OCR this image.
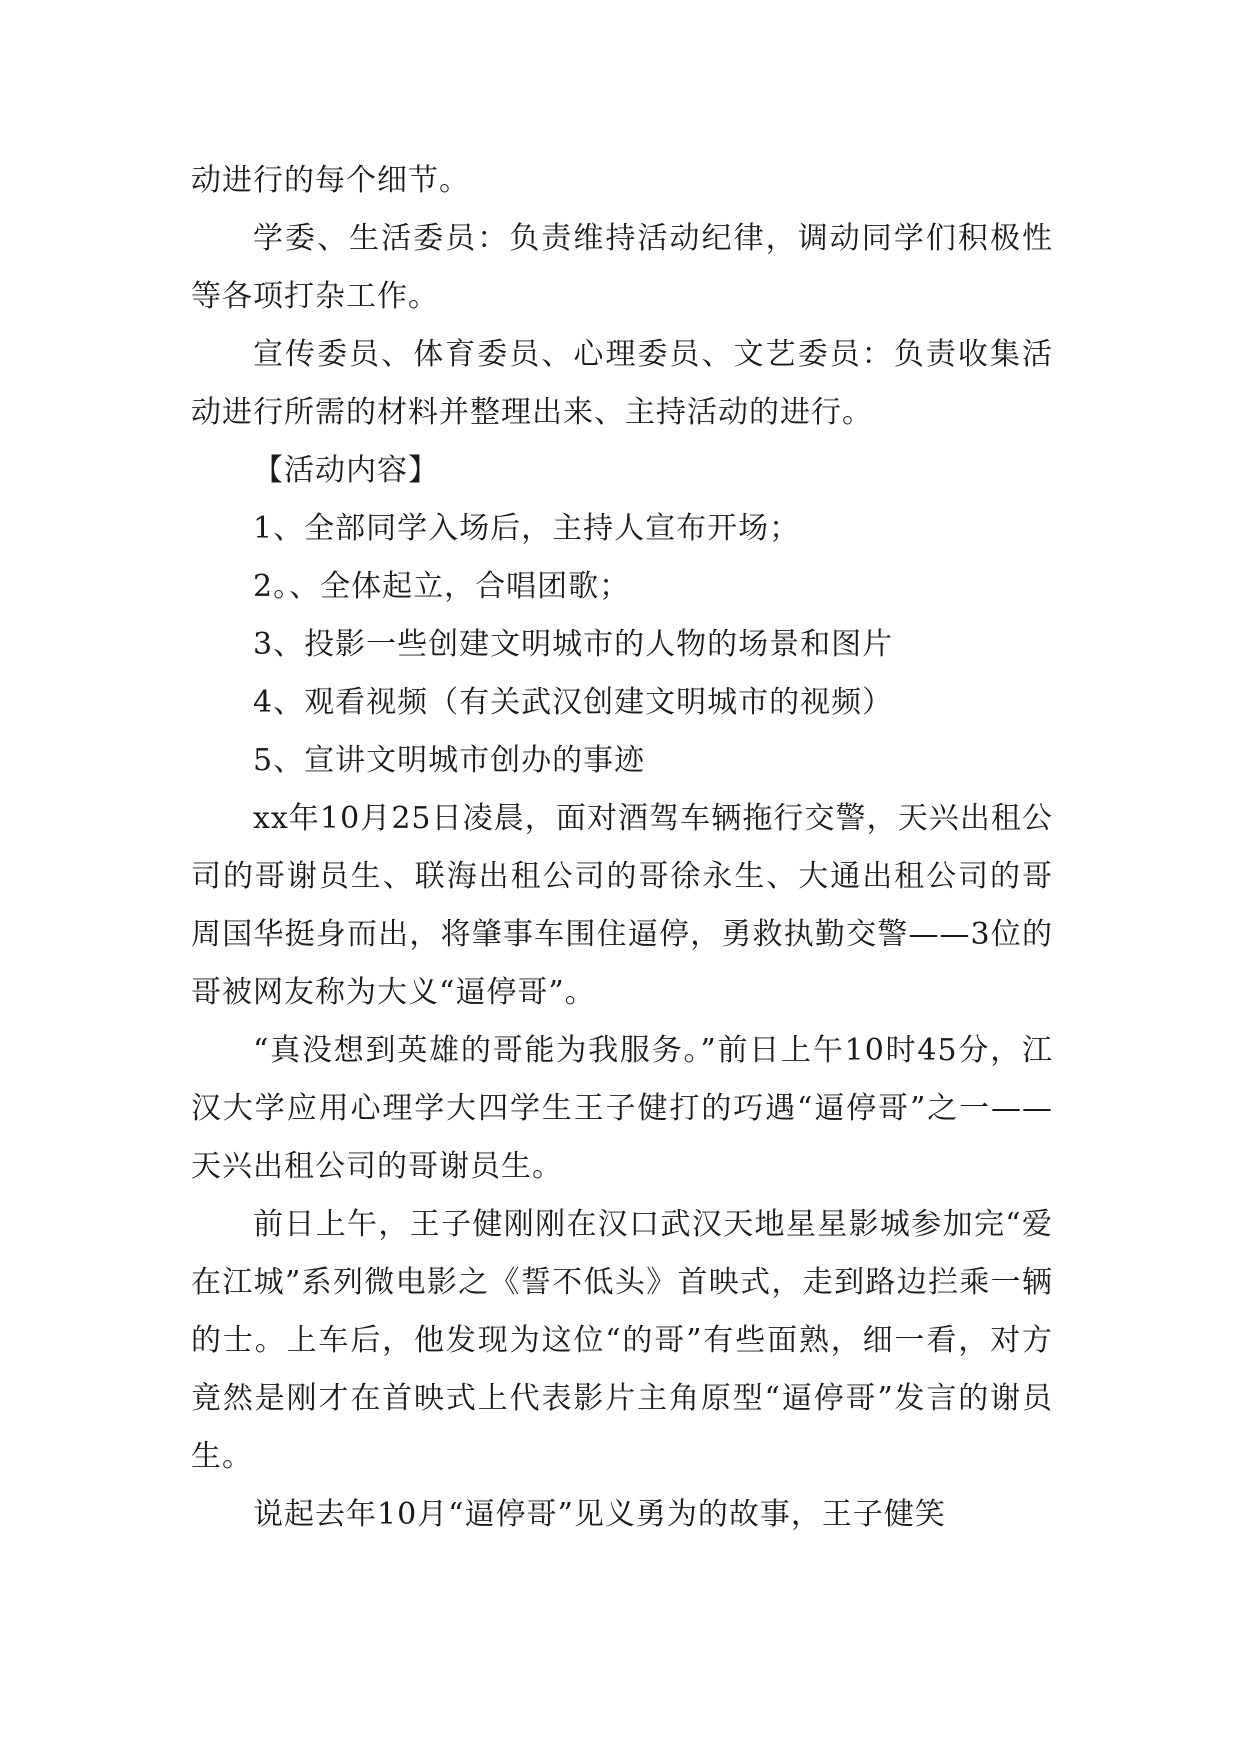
动进行的每个细节。

学委、生活委员：负责维持活动纪律，调动同学们积极性等各项打杂工作。

宣传委员、体育委员、心理委员、文艺委员：负责收集活动进行所需的材料并整理出来、主持活动的进行。

【活动内容】

1、全部同学入场后，主持人宣布开场；

2。、全体起立，合唱团歌；

3、投影一些创建文明城市的人物的场景和图片

4、观看视频（有关武汉创建文明城市的视频）

5、宣讲文明城市创办的事迹

xx年10月25日凌晨，面对酒驾车辆拖行交警，天兴出租公司的哥谢员生、联海出租公司的哥徐永生、大通出租公司的哥周国华挺身而出，将肇事车围住逼停，勇救执勤交警——3位的哥被网友称为大义“逼停哥”。

“真没想到英雄的哥能为我服务。”前日上午10时45分，江汉大学应用心理学大四学生王子健打的巧遇“逼停哥”之一——天兴出租公司的哥谢员生。

前日上午，王子健刚刚在汉口武汉天地星星影城参加完“爱在江城”系列微电影之《誓不低头》首映式，走到路边拦乘一辆的士。上车后，他发现为这位“的哥”有些面熟，细一看，对方竟然是刚才在首映式上代表影片主角原型“逼停哥”发言的谢员生。

说起去年10月“逼停哥”见义勇为的故事，王子健笑
